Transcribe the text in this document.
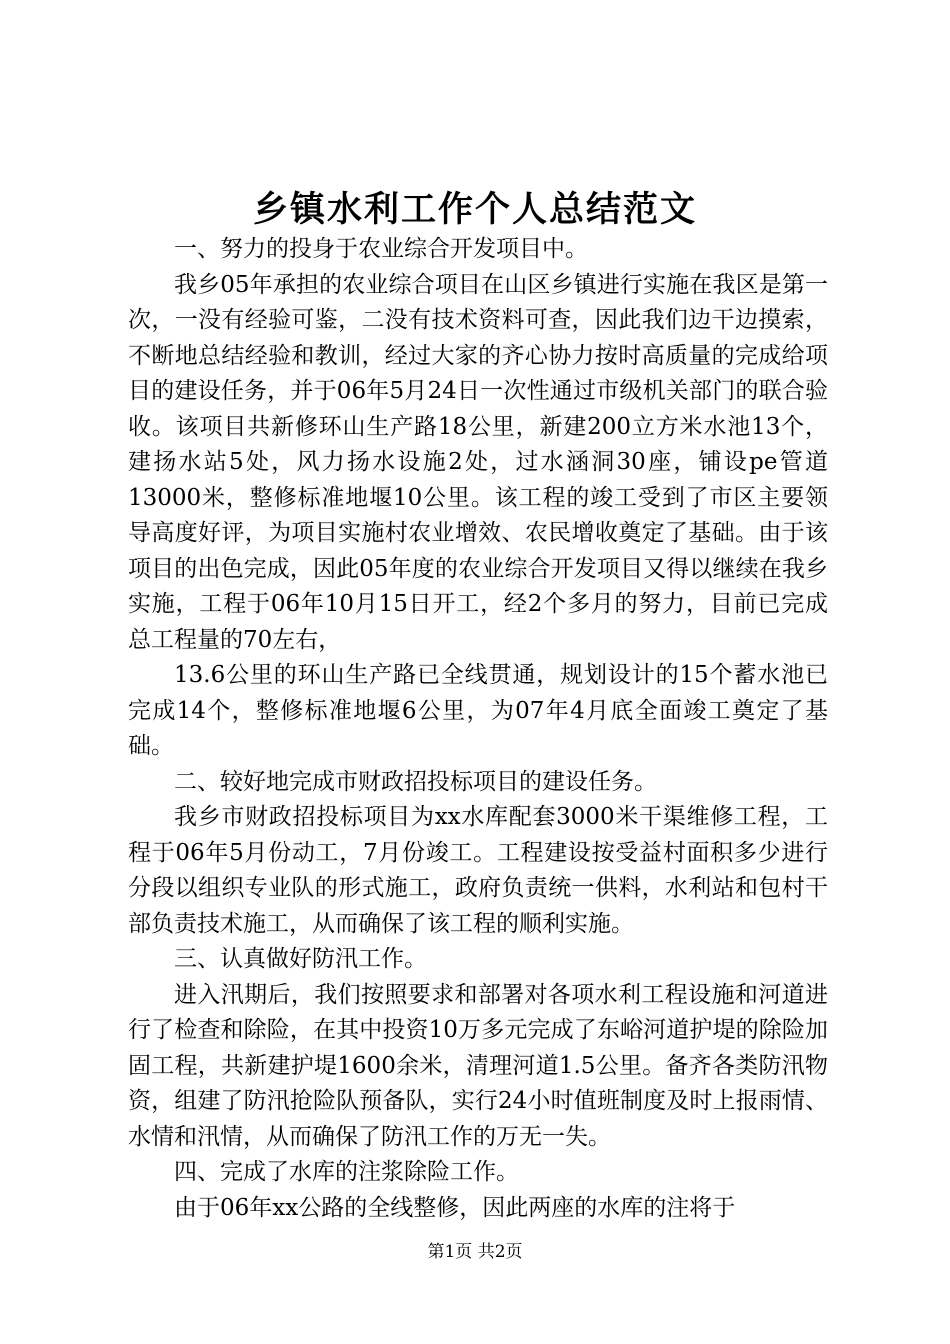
乡镇水利工作个人总结范文

一、努力的投身于农业综合开发项目中。

我乡05年承担的农业综合项目在山区乡镇进行实施在我区是第一次，一没有经验可鉴，二没有技术资料可查，因此我们边干边摸索，不断地总结经验和教训，经过大家的齐心协力按时高质量的完成给项目的建设任务，并于06年5月24日一次性通过市级机关部门的联合验收。该项目共新修环山生产路18公里，新建200立方米水池13个，建扬水站5处，风力扬水设施2处，过水涵洞30座，铺设pe管道13000米，整修标准地堰10公里。该工程的竣工受到了市区主要领导高度好评，为项目实施村农业增效、农民增收奠定了基础。由于该项目的出色完成，因此05年度的农业综合开发项目又得以继续在我乡实施，工程于06年10月15日开工，经2个多月的努力，目前已完成总工程量的70左右，

13.6公里的环山生产路已全线贯通，规划设计的15个蓄水池已完成14个，整修标准地堰6公里，为07年4月底全面竣工奠定了基础。

二、较好地完成市财政招投标项目的建设任务。

我乡市财政招投标项目为xx水库配套3000米干渠维修工程，工程于06年5月份动工，7月份竣工。工程建设按受益村面积多少进行分段以组织专业队的形式施工，政府负责统一供料，水利站和包村干部负责技术施工，从而确保了该工程的顺利实施。

三、认真做好防汛工作。

进入汛期后，我们按照要求和部署对各项水利工程设施和河道进行了检查和除险，在其中投资10万多元完成了东峪河道护堤的除险加固工程，共新建护堤1600余米，清理河道1.5公里。备齐各类防汛物资，组建了防汛抢险队预备队，实行24小时值班制度及时上报雨情、水情和汛情，从而确保了防汛工作的万无一失。

四、完成了水库的注浆除险工作。

由于06年xx公路的全线整修，因此两座的水库的注将于

第1页 共2页
